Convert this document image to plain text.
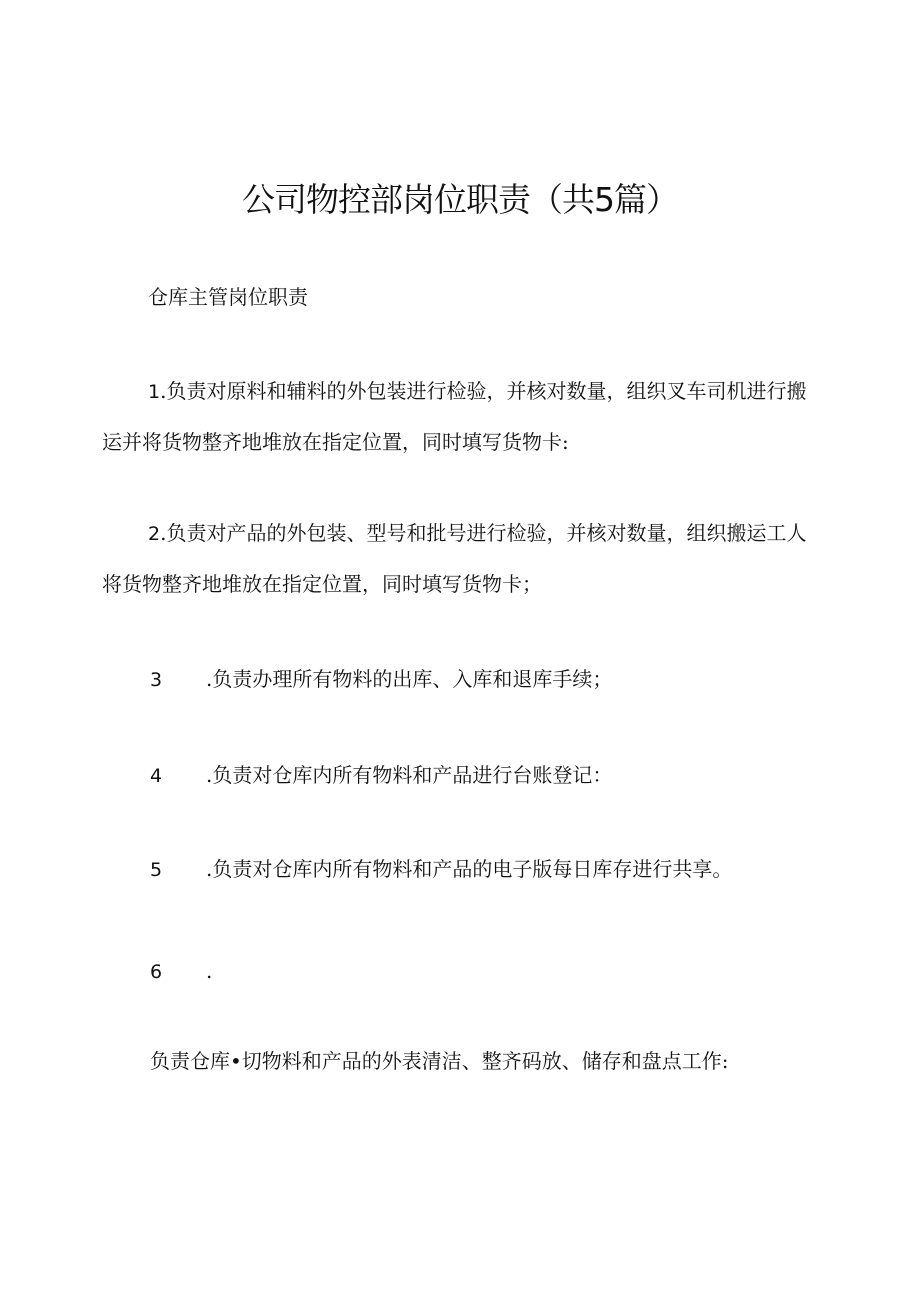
公司物控部岗位职责（共5篇）

仓库主管岗位职责

1.负责对原料和辅料的外包装进行检验，并核对数量，组织叉车司机进行搬运并将货物整齐地堆放在指定位置，同时填写货物卡:

2.负责对产品的外包装、型号和批号进行检验，并核对数量，组织搬运工人将货物整齐地堆放在指定位置，同时填写货物卡；

3 .负责办理所有物料的出库、入库和退库手续；

4 .负责对仓库内所有物料和产品进行台账登记：

5 .负责对仓库内所有物料和产品的电子版每日库存进行共享。

6 .

负责仓库•切物料和产品的外表清洁、整齐码放、储存和盘点工作:
